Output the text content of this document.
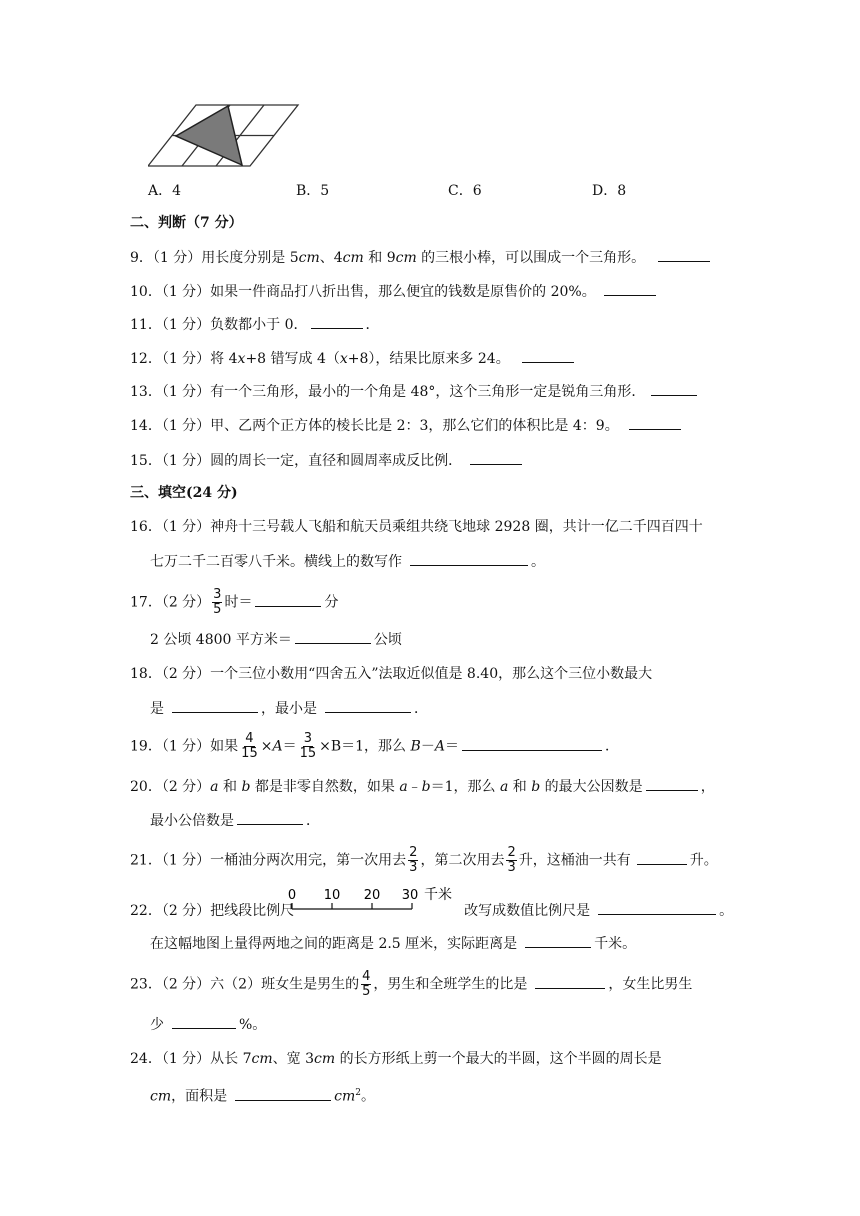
A．4	B．5	C．6	D．8
二、判断（7 分）
9．（1 分）用长度分别是 5cm、4cm 和 9cm 的三根小棒，可以围成一个三角形。
10．（1 分）如果一件商品打八折出售，那么便宜的钱数是原售价的 20%。
11．（1 分）负数都小于 0．	．
12．（1 分）将 4x+8 错写成 4（x+8），结果比原来多 24。
13．（1 分）有一个三角形，最小的一个角是 48°，这个三角形一定是锐角三角形．
14．（1 分）甲、乙两个正方体的棱长比是 2：3，那么它们的体积比是 4：9。
15．（1 分）圆的周长一定，直径和圆周率成反比例．
三、填空(24 分)
16．（1 分）神舟十三号载人飞船和航天员乘组共绕飞地球 2928 圈，共计一亿二千四百四十
七万二千二百零八千米。横线上的数写作	。
17．（2 分） $\frac{3}{5}$ 时＝	分
2 公顷 4800 平方米＝	公顷
18．（2 分）一个三位小数用“四舍五入”法取近似值是 8.40，那么这个三位小数最大
是	，最小是	．
19．（1 分）如果 $\frac{4}{15} \times A= \frac{3}{15} \times B=1$，那么 B－A＝	．
20．（2 分）a 和 b 都是非零自然数，如果 a﹣b＝1，那么 a 和 b 的最大公因数是	，
最小公倍数是	．
21．（1 分）一桶油分两次用完，第一次用去 $\frac{2}{3}$ ，第二次用去 $\frac{2}{3}$ 升，这桶油一共有	升。
22．（2 分）把线段比例尺	改写成数值比例尺是	。
0 10 20 30 千米
在这幅地图上量得两地之间的距离是 2.5 厘米，实际距离是	千米。
23．（2 分）六（2）班女生是男生的 $\frac{4}{5}$ ，男生和全班学生的比是	，女生比男生
少	%。
24．（1 分）从长 7cm、宽 3cm 的长方形纸上剪一个最大的半圆，这个半圆的周长是
cm，面积是	$cm^2$。
